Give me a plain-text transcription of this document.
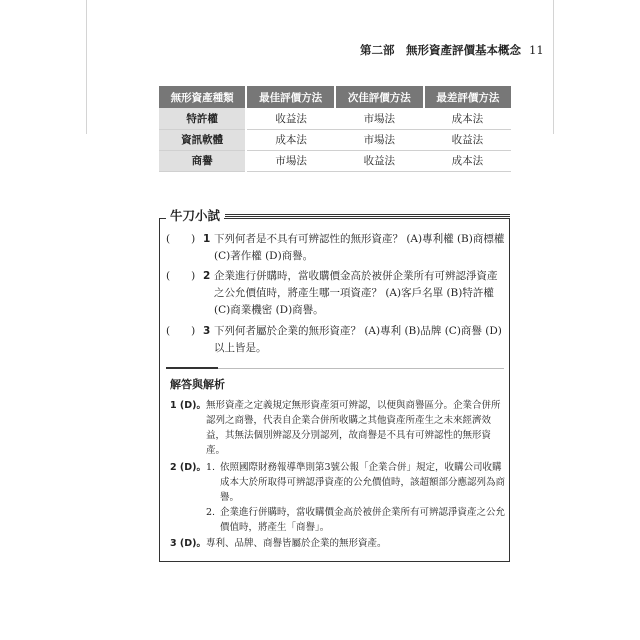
第二部　無形資產評價基本概念 11
無形資產種類	最佳評價方法	次佳評價方法	最差評價方法
特許權	收益法	市場法	成本法
資訊軟體	成本法	市場法	收益法
商譽	市場法	收益法	成本法
牛刀小試
(　　) 1 下列何者是不具有可辨認性的無形資產？ (A)專利權 (B)商標權 (C)著作權 (D)商譽。
(　　) 2 企業進行併購時，當收購價金高於被併企業所有可辨認淨資產之公允價值時，將產生哪一項資產？ (A)客戶名單 (B)特許權 (C)商業機密 (D)商譽。
(　　) 3 下列何者屬於企業的無形資產？ (A)專利 (B)品牌 (C)商譽 (D)以上皆是。
解答與解析
1 (D)。 無形資產之定義規定無形資產須可辨認，以便與商譽區分。企業合併所認列之商譽，代表自企業合併所收購之其他資產所產生之未來經濟效益，其無法個別辨認及分別認列，故商譽是不具有可辨認性的無形資產。
2 (D)。 1. 依照國際財務報導準則第3號公報「企業合併」規定，收購公司收購成本大於所取得可辨認淨資產的公允價值時，該超額部分應認列為商譽。
2. 企業進行併購時，當收購價金高於被併企業所有可辨認淨資產之公允價值時，將產生「商譽」。
3 (D)。 專利、品牌、商譽皆屬於企業的無形資產。
